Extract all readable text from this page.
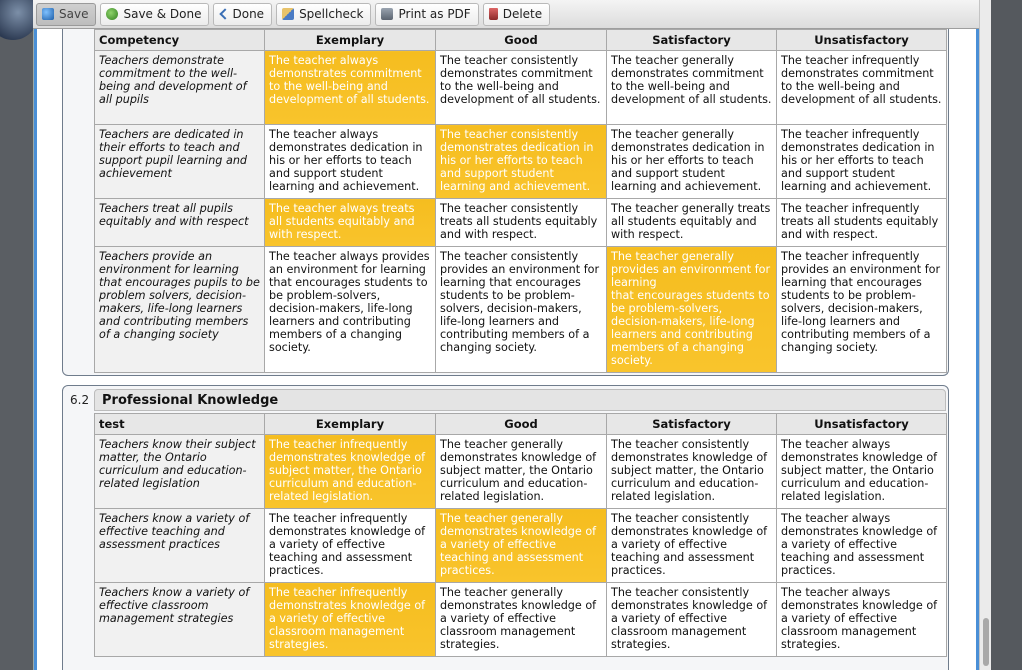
Save	Save & Done	Done	Spellcheck	Print as PDF	Delete
Competency	Exemplary	Good	Satisfactory	Unsatisfactory
Teachers demonstrate commitment to the well-being and development of all pupils	The teacher always demonstrates commitment to the well-being and development of all students.	The teacher consistently demonstrates commitment to the well-being and development of all students.	The teacher generally demonstrates commitment to the well-being and development of all students.	The teacher infrequently demonstrates commitment to the well-being and development of all students.
Teachers are dedicated in their efforts to teach and support pupil learning and achievement	The teacher always demonstrates dedication in his or her efforts to teach and support student learning and achievement.	The teacher consistently demonstrates dedication in his or her efforts to teach and support student learning and achievement.	The teacher generally demonstrates dedication in his or her efforts to teach and support student learning and achievement.	The teacher infrequently demonstrates dedication in his or her efforts to teach and support student learning and achievement.
Teachers treat all pupils equitably and with respect	The teacher always treats all students equitably and with respect.	The teacher consistently treats all students equitably and with respect.	The teacher generally treats all students equitably and with respect.	The teacher infrequently treats all students equitably and with respect.
Teachers provide an environment for learning that encourages pupils to be problem solvers, decision-makers, life-long learners and contributing members of a changing society	The teacher always provides an environment for learning that encourages students to be problem-solvers, decision-makers, life-long learners and contributing members of a changing society.	The teacher consistently provides an environment for learning that encourages students to be problem-solvers, decision-makers, life-long learners and contributing members of a changing society.	The teacher generally provides an environment for learning
that encourages students to be problem-solvers, decision-makers, life-long learners and contributing members of a changing society.	The teacher infrequently provides an environment for learning that encourages students to be problem-solvers, decision-makers, life-long learners and contributing members of a changing society.
6.2 Professional Knowledge
test	Exemplary	Good	Satisfactory	Unsatisfactory
Teachers know their subject matter, the Ontario curriculum and education-related legislation	The teacher infrequently demonstrates knowledge of subject matter, the Ontario curriculum and education-related legislation.	The teacher generally demonstrates knowledge of subject matter, the Ontario curriculum and education-related legislation.	The teacher consistently demonstrates knowledge of subject matter, the Ontario curriculum and education-related legislation.	The teacher always demonstrates knowledge of subject matter, the Ontario curriculum and education-related legislation.
Teachers know a variety of effective teaching and assessment practices	The teacher infrequently demonstrates knowledge of a variety of effective teaching and assessment practices.	The teacher generally demonstrates knowledge of a variety of effective teaching and assessment practices.	The teacher consistently demonstrates knowledge of a variety of effective teaching and assessment practices.	The teacher always demonstrates knowledge of a variety of effective teaching and assessment practices.
Teachers know a variety of effective classroom management strategies	The teacher infrequently demonstrates knowledge of a variety of effective classroom management strategies.	The teacher generally demonstrates knowledge of a variety of effective classroom management strategies.	The teacher consistently demonstrates knowledge of a variety of effective classroom management strategies.	The teacher always demonstrates knowledge of a variety of effective classroom management strategies.
